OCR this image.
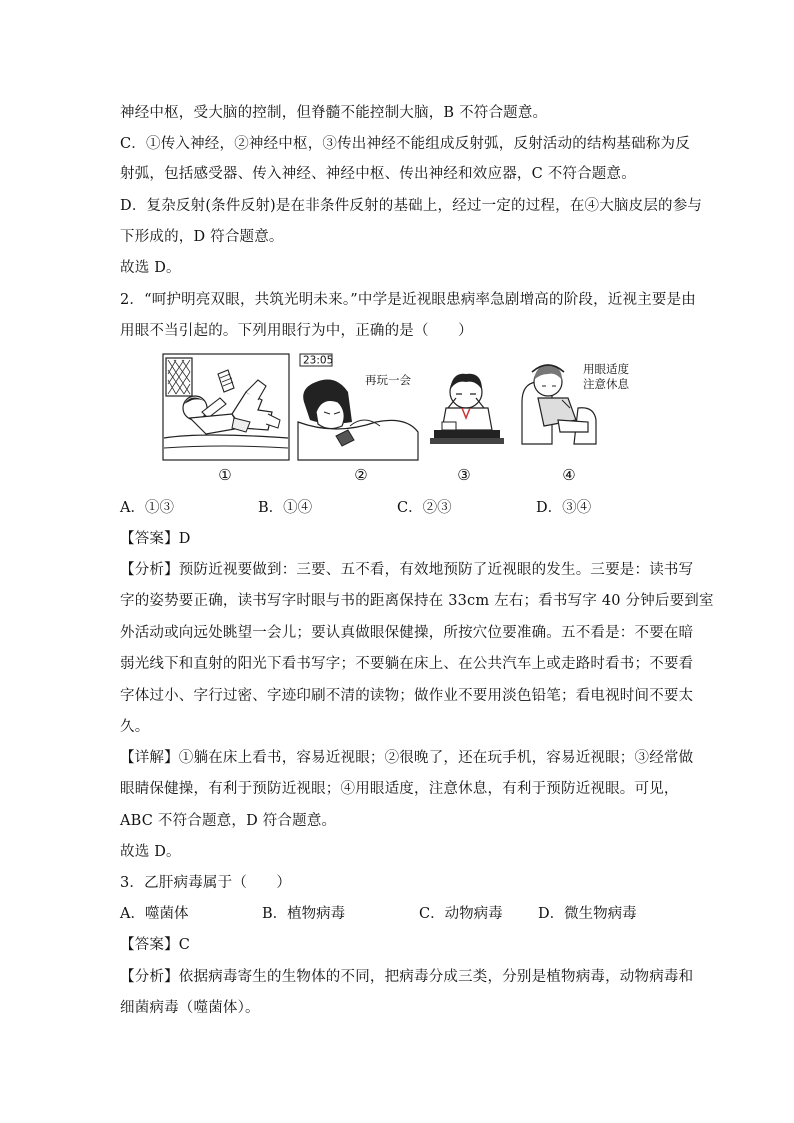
神经中枢，受大脑的控制，但脊髓不能控制大脑，B 不符合题意。
C．①传入神经，②神经中枢，③传出神经不能组成反射弧，反射活动的结构基础称为反
射弧，包括感受器、传入神经、神经中枢、传出神经和效应器，C 不符合题意。
D．复杂反射(条件反射)是在非条件反射的基础上，经过一定的过程，在④大脑皮层的参与
下形成的，D 符合题意。
故选 D。
2．“呵护明亮双眼，共筑光明未来。”中学是近视眼患病率急剧增高的阶段，近视主要是由
用眼不当引起的。下列用眼行为中，正确的是（　　）
23:05
再玩一会
用眼适度
注意休息
①	②	③	④
A．①③	B．①④	C．②③	D．③④
【答案】D
【分析】预防近视要做到：三要、五不看，有效地预防了近视眼的发生。三要是：读书写
字的姿势要正确，读书写字时眼与书的距离保持在 33cm 左右；看书写字 40 分钟后要到室
外活动或向远处眺望一会儿；要认真做眼保健操，所按穴位要准确。五不看是：不要在暗
弱光线下和直射的阳光下看书写字；不要躺在床上、在公共汽车上或走路时看书；不要看
字体过小、字行过密、字迹印刷不清的读物；做作业不要用淡色铅笔；看电视时间不要太
久。
【详解】①躺在床上看书，容易近视眼；②很晚了，还在玩手机，容易近视眼；③经常做
眼睛保健操，有利于预防近视眼；④用眼适度，注意休息，有利于预防近视眼。可见，
ABC 不符合题意，D 符合题意。
故选 D。
3．乙肝病毒属于（　　）
A．噬菌体	B．植物病毒	C．动物病毒 D．微生物病毒
【答案】C
【分析】依据病毒寄生的生物体的不同，把病毒分成三类，分别是植物病毒，动物病毒和
细菌病毒（噬菌体）。
